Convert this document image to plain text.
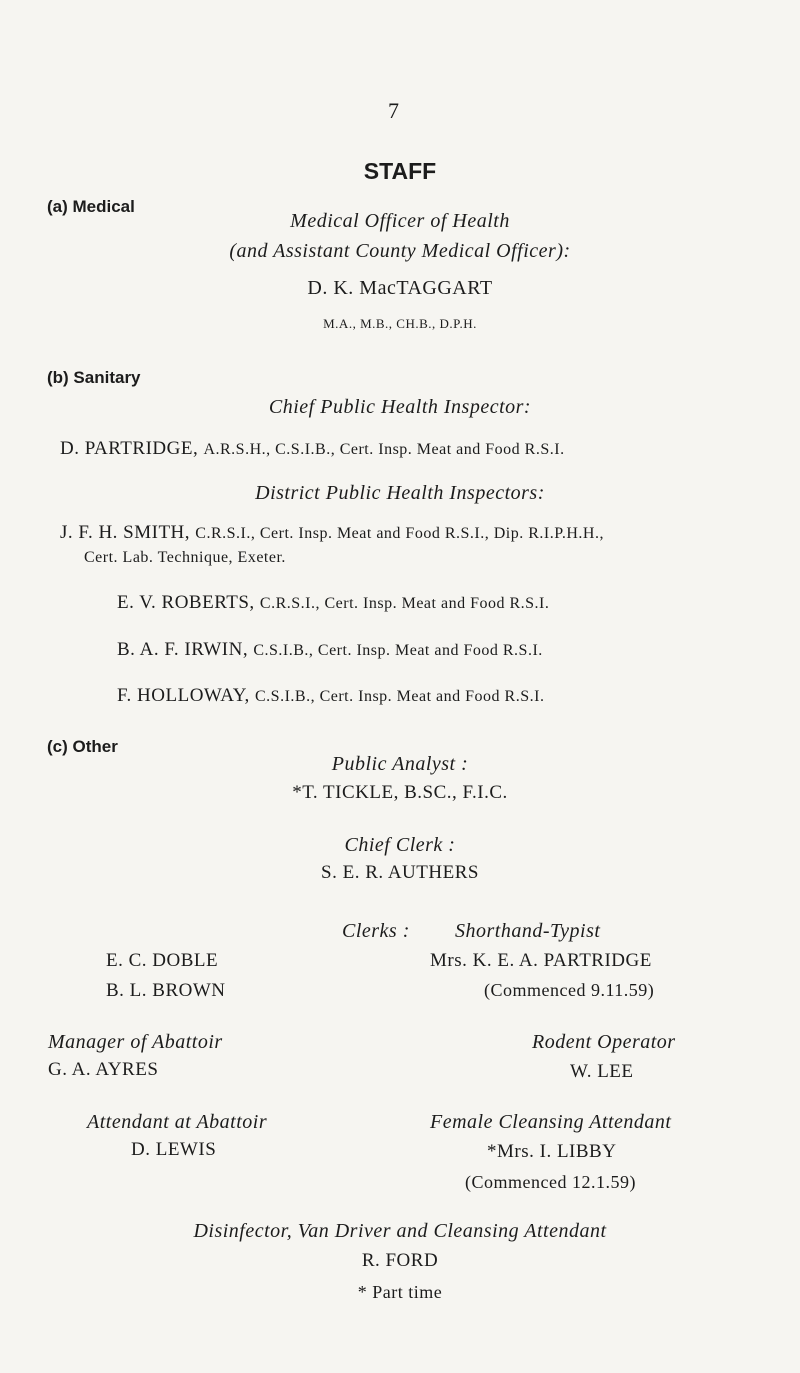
7
STAFF
(a) Medical
Medical Officer of Health
(and Assistant County Medical Officer):
D. K. MacTAGGART
M.A., M.B., CH.B., D.P.H.
(b) Sanitary
Chief Public Health Inspector:
D. PARTRIDGE, A.R.S.H., C.S.I.B., Cert. Insp. Meat and Food R.S.I.
District Public Health Inspectors:
J. F. H. SMITH, C.R.S.I., Cert. Insp. Meat and Food R.S.I., Dip. R.I.P.H.H.,
Cert. Lab. Technique, Exeter.
E. V. ROBERTS, C.R.S.I., Cert. Insp. Meat and Food R.S.I.
B. A. F. IRWIN, C.S.I.B., Cert. Insp. Meat and Food R.S.I.
F. HOLLOWAY, C.S.I.B., Cert. Insp. Meat and Food R.S.I.
(c) Other
Public Analyst :
*T. TICKLE, B.SC., F.I.C.
Chief Clerk :
S. E. R. AUTHERS
Clerks :
E. C. DOBLE
B. L. BROWN
Shorthand-Typist
Mrs. K. E. A. PARTRIDGE
(Commenced 9.11.59)
Manager of Abattoir
G. A. AYRES
Rodent Operator
W. LEE
Attendant at Abattoir
D. LEWIS
Female Cleansing Attendant
*Mrs. I. LIBBY
(Commenced 12.1.59)
Disinfector, Van Driver and Cleansing Attendant
R. FORD
* Part time
